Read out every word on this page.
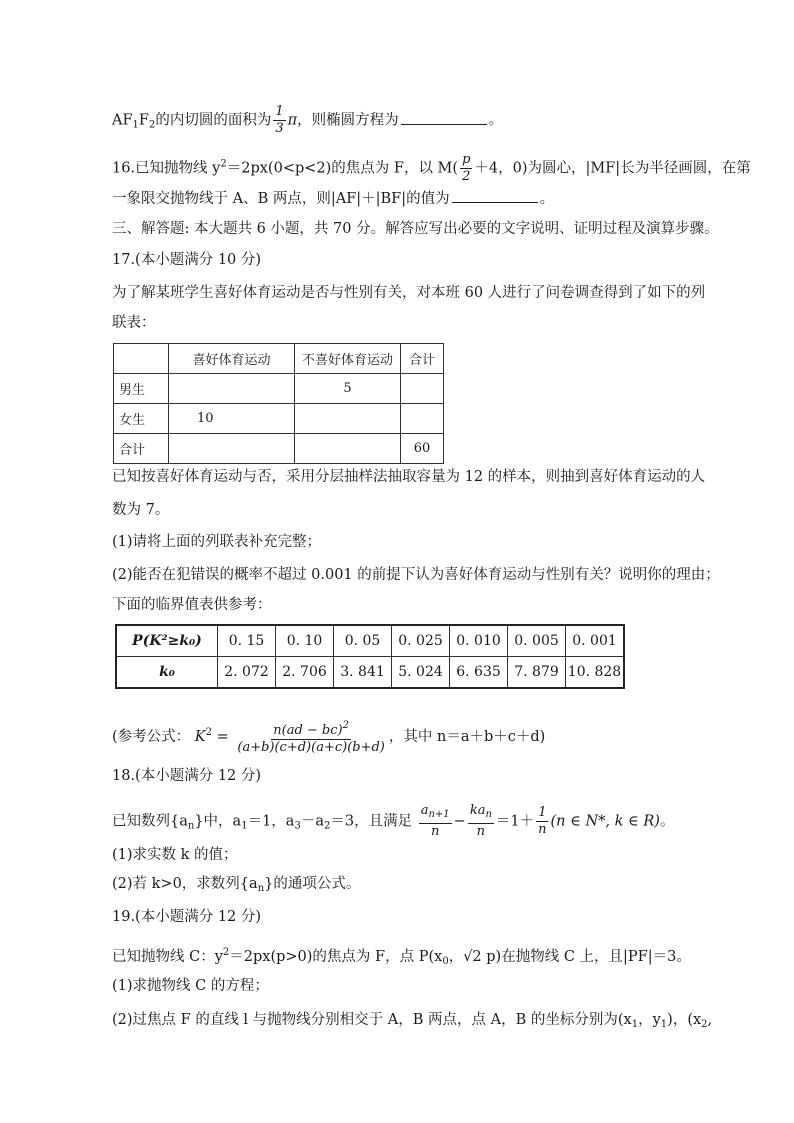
$AF_1F_2$的内切圆的面积为 $\frac{1}{3}$ π，则椭圆方程为	。
16.已知抛物线 $y^2=2px(0<p<2)$的焦点为 F，以 $M( \frac{p}{2} +4$，0)为圆心，|MF|长为半径画圆，在第
一象限交抛物线于 A、B 两点，则|AF|＋|BF|的值为	。
三、解答题: 本大题共 6 小题，共 70 分。解答应写出必要的文字说明、证明过程及演算步骤。
17.(本小题满分 10 分)
为了解某班学生喜好体育运动是否与性别有关，对本班 60 人进行了问卷调查得到了如下的列
联表：
	喜好体育运动	不喜好体育运动	合计
男生		5	
女生	10		
合计			60
已知按喜好体育运动与否，采用分层抽样法抽取容量为 12 的样本，则抽到喜好体育运动的人
数为 7。
(1)请将上面的列联表补充完整；
(2)能否在犯错误的概率不超过 0.001 的前提下认为喜好体育运动与性别有关？说明你的理由；
下面的临界值表供参考：
P(K²≥k₀)	0. 15	0. 10	0. 05	0. 025	0. 010	0. 005	0. 001
k₀	2. 072	2. 706	3. 841	5. 024	6. 635	7. 879	10. 828
(参考公式： $K^2 = \frac{n(ad - bc)^2}{(a+b)(c+d)(a+c)(b+d)}$ ，其中 n＝a＋b＋c＋d)
18.(本小题满分 12 分)
已知数列$\{a_n\}$中，$a_1=1$，$a_3-a_2=3$，且满足 $\frac{a_{n+1}}{n} - \frac{ka_n}{n} =1+ \frac{1}{n} (n$ ∈ N*, k ∈ R)。
(1)求实数 k 的值；
(2)若 k>0，求数列$\{a_n\}$的通项公式。
19.(本小题满分 12 分)
已知抛物线 C：$y^2=2px(p>0)$的焦点为 F，点 $P(x_0$，√2 p)在抛物线 C 上，且|PF|＝3。
(1)求抛物线 C 的方程；
(2)过焦点 F 的直线 l 与抛物线分别相交于 A，B 两点，点 A，B 的坐标分别为($x_1$，$y_1$)，($x_2$,
